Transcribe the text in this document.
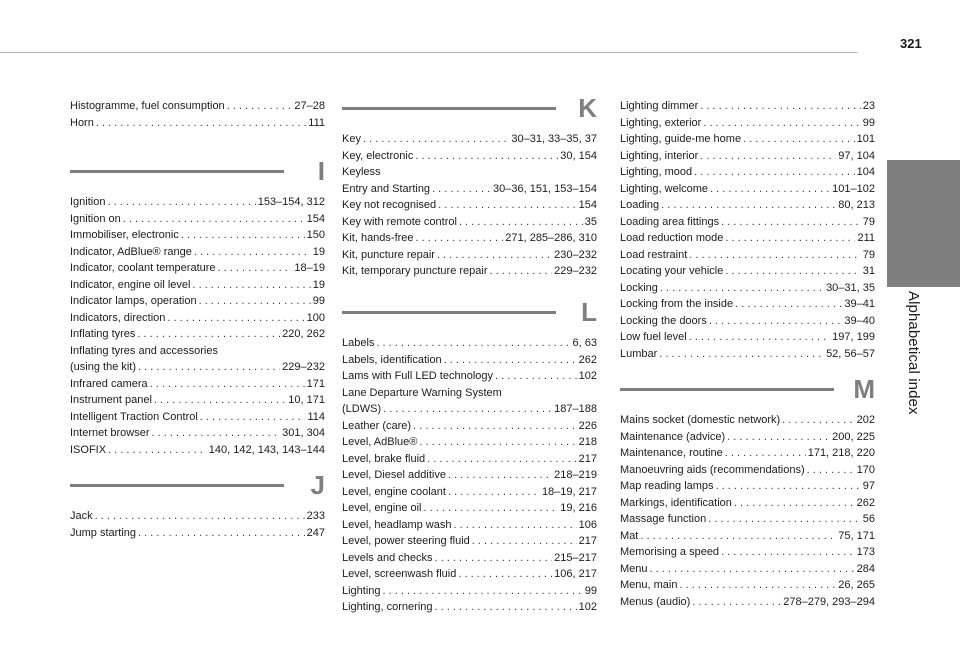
321
Alphabetical index
Histogramme, fuel consumption . . .	27–28
Horn . . .	111
I
Ignition . . .	153–154, 312
Ignition on . . .	154
Immobiliser, electronic . . .	150
Indicator, AdBlue® range . . .	19
Indicator, coolant temperature . . .	18–19
Indicator, engine oil level . . .	19
Indicator lamps, operation . . .	99
Indicators, direction . . .	100
Inflating tyres . . .	220, 262
Inflating tyres and accessories
(using the kit) . . .	229–232
Infrared camera . . .	171
Instrument panel . . .	10, 171
Intelligent Traction Control . . .	114
Internet browser . . .	301, 304
ISOFIX . . .	140, 142, 143, 143–144
J
Jack . . .	233
Jump starting . . .	247
K
Key . . .	30–31, 33–35, 37
Key, electronic . . .	30, 154
Keyless
Entry and Starting . . .	30–36, 151, 153–154
Key not recognised . . .	154
Key with remote control . . .	35
Kit, hands-free . . .	271, 285–286, 310
Kit, puncture repair . . .	230–232
Kit, temporary puncture repair . . .	229–232
L
Labels . . .	6, 63
Labels, identification . . .	262
Lams with Full LED technology . . .	102
Lane Departure Warning System
(LDWS) . . .	187–188
Leather (care) . . .	226
Level, AdBlue® . . .	218
Level, brake fluid . . .	217
Level, Diesel additive . . .	218–219
Level, engine coolant . . .	18–19, 217
Level, engine oil . . .	19, 216
Level, headlamp wash . . .	106
Level, power steering fluid . . .	217
Levels and checks . . .	215–217
Level, screenwash fluid . . .	106, 217
Lighting . . .	99
Lighting, cornering . . .	102
Lighting dimmer . . .	23
Lighting, exterior . . .	99
Lighting, guide-me home . . .	101
Lighting, interior . . .	97, 104
Lighting, mood . . .	104
Lighting, welcome . . .	101–102
Loading . . .	80, 213
Loading area fittings . . .	79
Load reduction mode . . .	211
Load restraint . . .	79
Locating your vehicle . . .	31
Locking . . .	30–31, 35
Locking from the inside . . .	39–41
Locking the doors . . .	39–40
Low fuel level . . .	197, 199
Lumbar . . .	52, 56–57
M
Mains socket (domestic network) . . .	202
Maintenance (advice) . . .	200, 225
Maintenance, routine . . .	171, 218, 220
Manoeuvring aids (recommendations) . . .	170
Map reading lamps . . .	97
Markings, identification . . .	262
Massage function . . .	56
Mat . . .	75, 171
Memorising a speed . . .	173
Menu . . .	284
Menu, main . . .	26, 265
Menus (audio) . . .	278–279, 293–294
